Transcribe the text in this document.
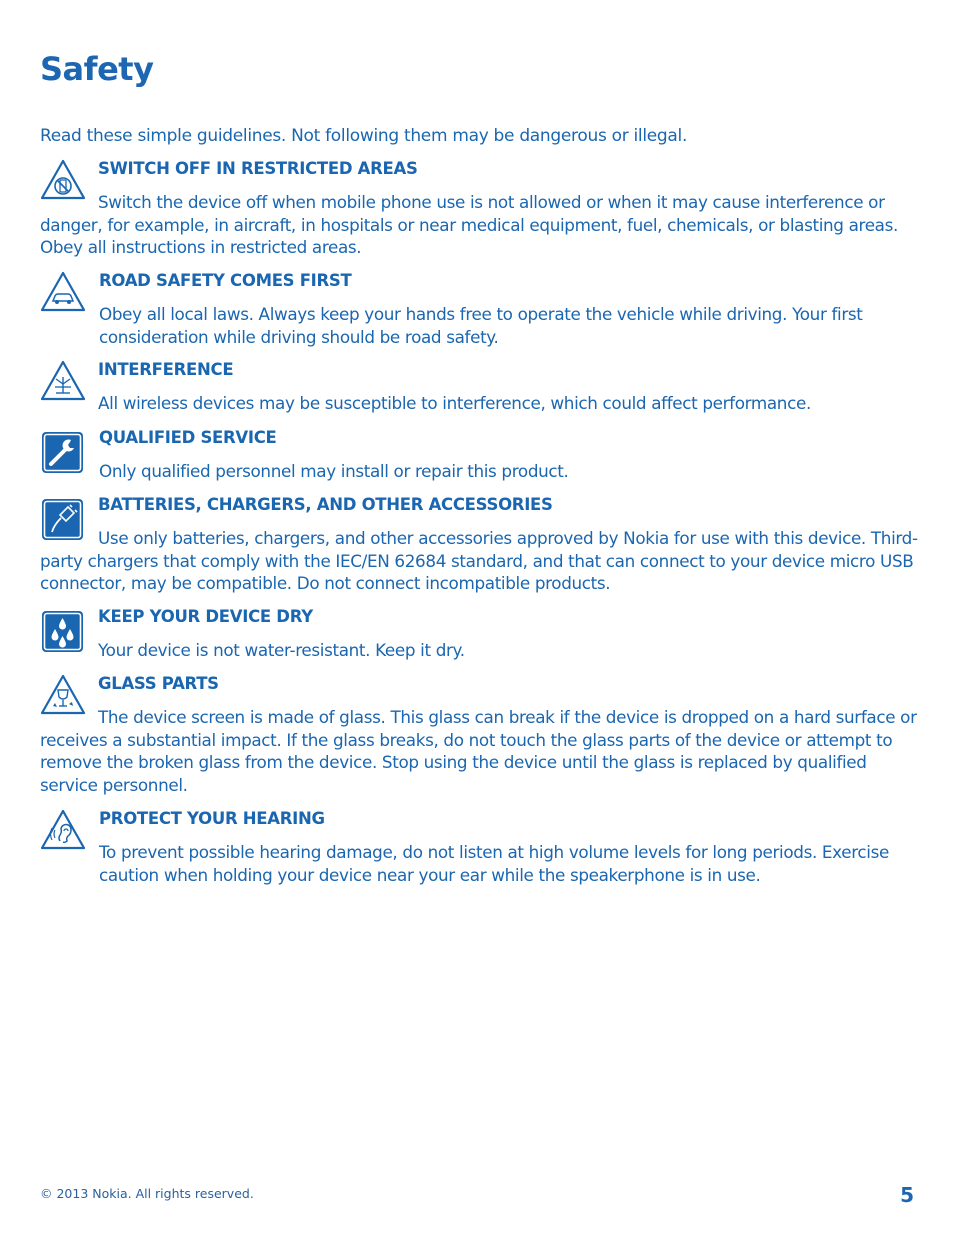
Safety

Read these simple guidelines. Not following them may be dangerous or illegal.

SWITCH OFF IN RESTRICTED AREAS

Switch the device off when mobile phone use is not allowed or when it may cause interference or danger, for example, in aircraft, in hospitals or near medical equipment, fuel, chemicals, or blasting areas. Obey all instructions in restricted areas.

ROAD SAFETY COMES FIRST

Obey all local laws. Always keep your hands free to operate the vehicle while driving. Your first consideration while driving should be road safety.

INTERFERENCE

All wireless devices may be susceptible to interference, which could affect performance.

QUALIFIED SERVICE

Only qualified personnel may install or repair this product.

BATTERIES, CHARGERS, AND OTHER ACCESSORIES

Use only batteries, chargers, and other accessories approved by Nokia for use with this device. Third-party chargers that comply with the IEC/EN 62684 standard, and that can connect to your device micro USB connector, may be compatible. Do not connect incompatible products.

KEEP YOUR DEVICE DRY

Your device is not water-resistant. Keep it dry.

GLASS PARTS

The device screen is made of glass. This glass can break if the device is dropped on a hard surface or receives a substantial impact. If the glass breaks, do not touch the glass parts of the device or attempt to remove the broken glass from the device. Stop using the device until the glass is replaced by qualified service personnel.

PROTECT YOUR HEARING

To prevent possible hearing damage, do not listen at high volume levels for long periods. Exercise caution when holding your device near your ear while the speakerphone is in use.

© 2013 Nokia. All rights reserved.	5
